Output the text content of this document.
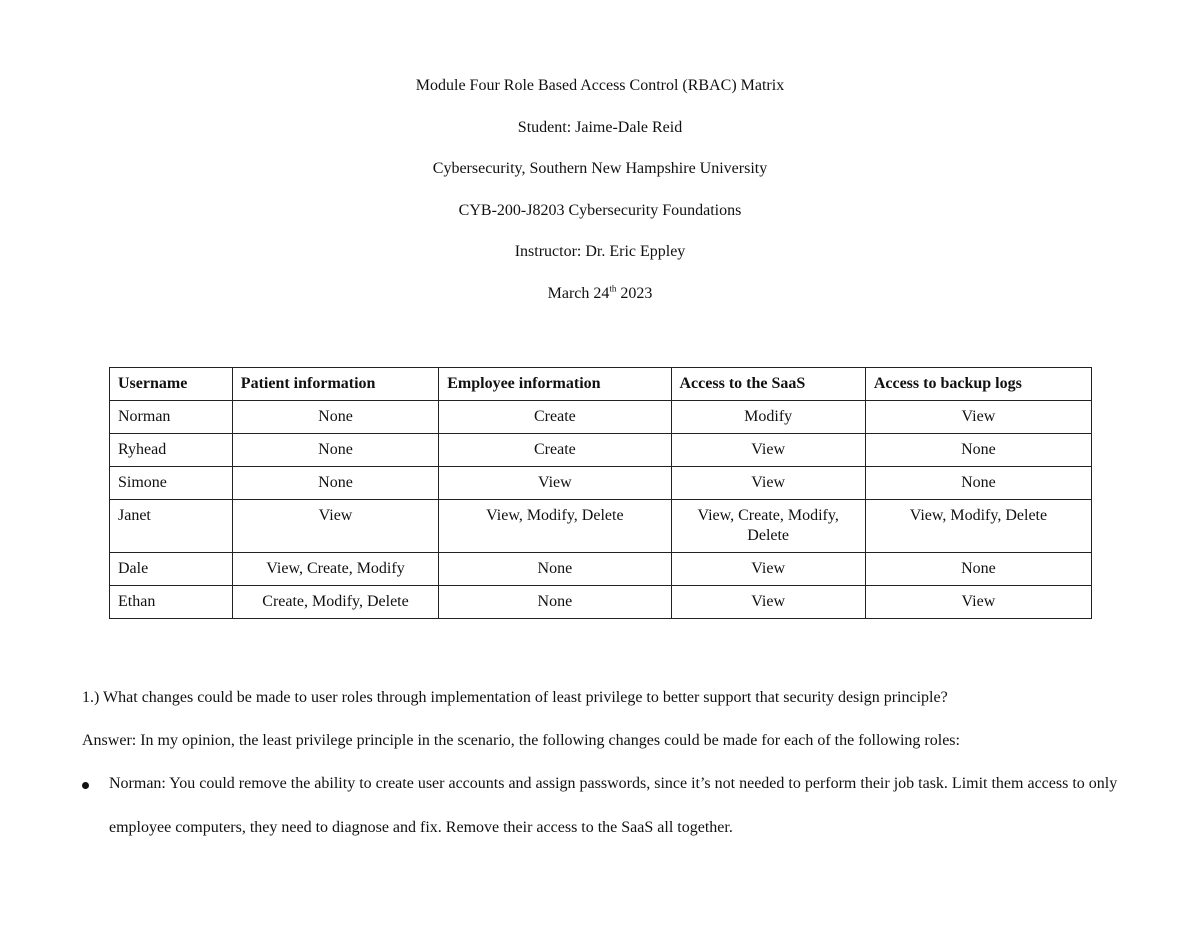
Module Four Role Based Access Control (RBAC) Matrix
Student: Jaime-Dale Reid
Cybersecurity, Southern New Hampshire University
CYB-200-J8203 Cybersecurity Foundations
Instructor: Dr. Eric Eppley
March 24th 2023
Username	Patient information	Employee information	Access to the SaaS	Access to backup logs
Norman	None	Create	Modify	View
Ryhead	None	Create	View	None
Simone	None	View	View	None
Janet	View	View, Modify, Delete	View, Create, Modify, Delete	View, Modify, Delete
Dale	View, Create, Modify	None	View	None
Ethan	Create, Modify, Delete	None	View	View
1.) What changes could be made to user roles through implementation of least privilege to better support that security design principle?
Answer: In my opinion, the least privilege principle in the scenario, the following changes could be made for each of the following roles:
Norman: You could remove the ability to create user accounts and assign passwords, since it’s not needed to perform their job task. Limit them access to only employee computers, they need to diagnose and fix. Remove their access to the SaaS all together.
